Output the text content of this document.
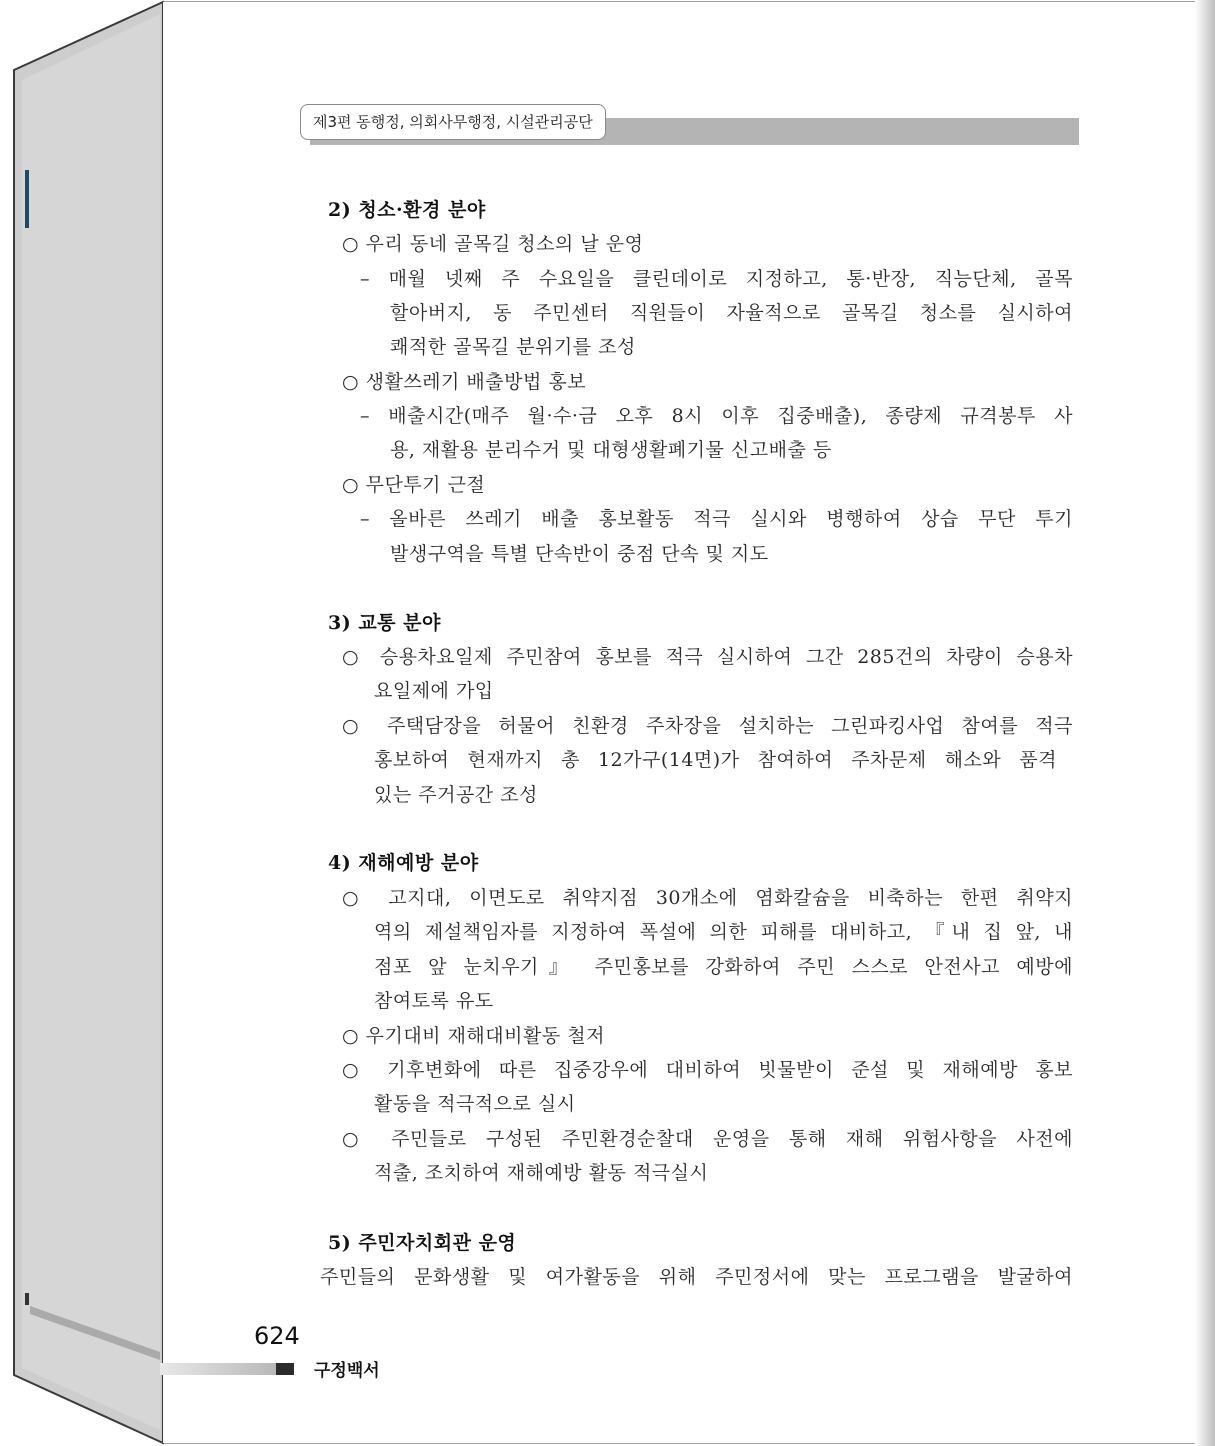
제3편 동행정, 의회사무행정, 시설관리공단
2) 청소·환경 분야
○ 우리 동네 골목길 청소의 날 운영
– 매월 넷째 주 수요일을 클린데이로 지정하고, 통·반장, 직능단체, 골목
할아버지, 동 주민센터 직원들이 자율적으로 골목길 청소를 실시하여
쾌적한 골목길 분위기를 조성
○ 생활쓰레기 배출방법 홍보
– 배출시간(매주 월·수·금 오후 8시 이후 집중배출), 종량제 규격봉투 사
용, 재활용 분리수거 및 대형생활폐기물 신고배출 등
○ 무단투기 근절
– 올바른 쓰레기 배출 홍보활동 적극 실시와 병행하여 상습 무단 투기
발생구역을 특별 단속반이 중점 단속 및 지도
3) 교통 분야
○ 승용차요일제 주민참여 홍보를 적극 실시하여 그간 285건의 차량이 승용차
요일제에 가입
○ 주택담장을 허물어 친환경 주차장을 설치하는 그린파킹사업 참여를 적극
홍보하여 현재까지 총 12가구(14면)가 참여하여 주차문제 해소와 품격
있는 주거공간 조성
4) 재해예방 분야
○ 고지대, 이면도로 취약지점 30개소에 염화칼슘을 비축하는 한편 취약지
역의 제설책임자를 지정하여 폭설에 의한 피해를 대비하고, 『내 집 앞, 내
점포 앞 눈치우기』 주민홍보를 강화하여 주민 스스로 안전사고 예방에
참여토록 유도
○ 우기대비 재해대비활동 철저
○ 기후변화에 따른 집중강우에 대비하여 빗물받이 준설 및 재해예방 홍보
활동을 적극적으로 실시
○ 주민들로 구성된 주민환경순찰대 운영을 통해 재해 위험사항을 사전에
적출, 조치하여 재해예방 활동 적극실시
5) 주민자치회관 운영
주민들의 문화생활 및 여가활동을 위해 주민정서에 맞는 프로그램을 발굴하여
624
구정백서
